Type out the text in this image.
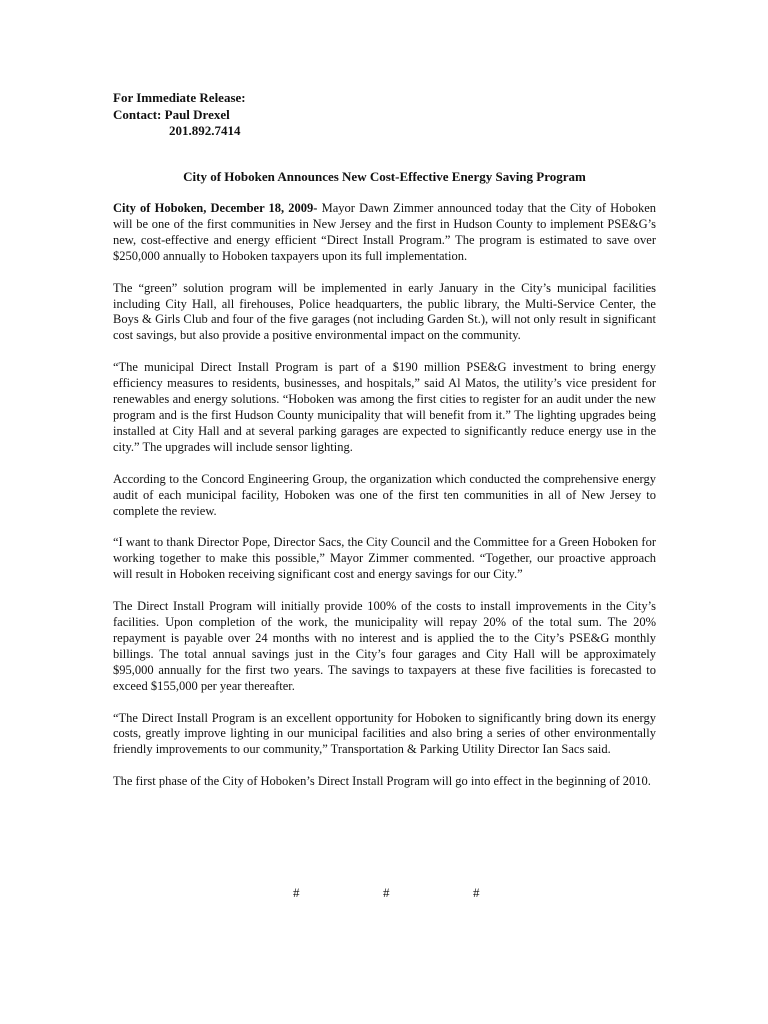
For Immediate Release:
Contact: Paul Drexel
201.892.7414
City of Hoboken Announces New Cost-Effective Energy Saving Program

City of Hoboken, December 18, 2009- Mayor Dawn Zimmer announced today that the City of Hoboken will be one of the first communities in New Jersey and the first in Hudson County to implement PSE&G’s new, cost-effective and energy efficient “Direct Install Program.” The program is estimated to save over $250,000 annually to Hoboken taxpayers upon its full implementation.

The “green” solution program will be implemented in early January in the City’s municipal facilities including City Hall, all firehouses, Police headquarters, the public library, the Multi-Service Center, the Boys & Girls Club and four of the five garages (not including Garden St.), will not only result in significant cost savings, but also provide a positive environmental impact on the community.

“The municipal Direct Install Program is part of a $190 million PSE&G investment to bring energy efficiency measures to residents, businesses, and hospitals,” said Al Matos, the utility’s vice president for renewables and energy solutions. “Hoboken was among the first cities to register for an audit under the new program and is the first Hudson County municipality that will benefit from it.” The lighting upgrades being installed at City Hall and at several parking garages are expected to significantly reduce energy use in the city.” The upgrades will include sensor lighting.

According to the Concord Engineering Group, the organization which conducted the comprehensive energy audit of each municipal facility, Hoboken was one of the first ten communities in all of New Jersey to complete the review.

“I want to thank Director Pope, Director Sacs, the City Council and the Committee for a Green Hoboken for working together to make this possible,” Mayor Zimmer commented. “Together, our proactive approach will result in Hoboken receiving significant cost and energy savings for our City.”

The Direct Install Program will initially provide 100% of the costs to install improvements in the City’s facilities. Upon completion of the work, the municipality will repay 20% of the total sum. The 20% repayment is payable over 24 months with no interest and is applied the to the City’s PSE&G monthly billings. The total annual savings just in the City’s four garages and City Hall will be approximately $95,000 annually for the first two years. The savings to taxpayers at these five facilities is forecasted to exceed $155,000 per year thereafter.

“The Direct Install Program is an excellent opportunity for Hoboken to significantly bring down its energy costs, greatly improve lighting in our municipal facilities and also bring a series of other environmentally friendly improvements to our community,” Transportation & Parking Utility Director Ian Sacs said.

The first phase of the City of Hoboken’s Direct Install Program will go into effect in the beginning of 2010.

#	#	#
